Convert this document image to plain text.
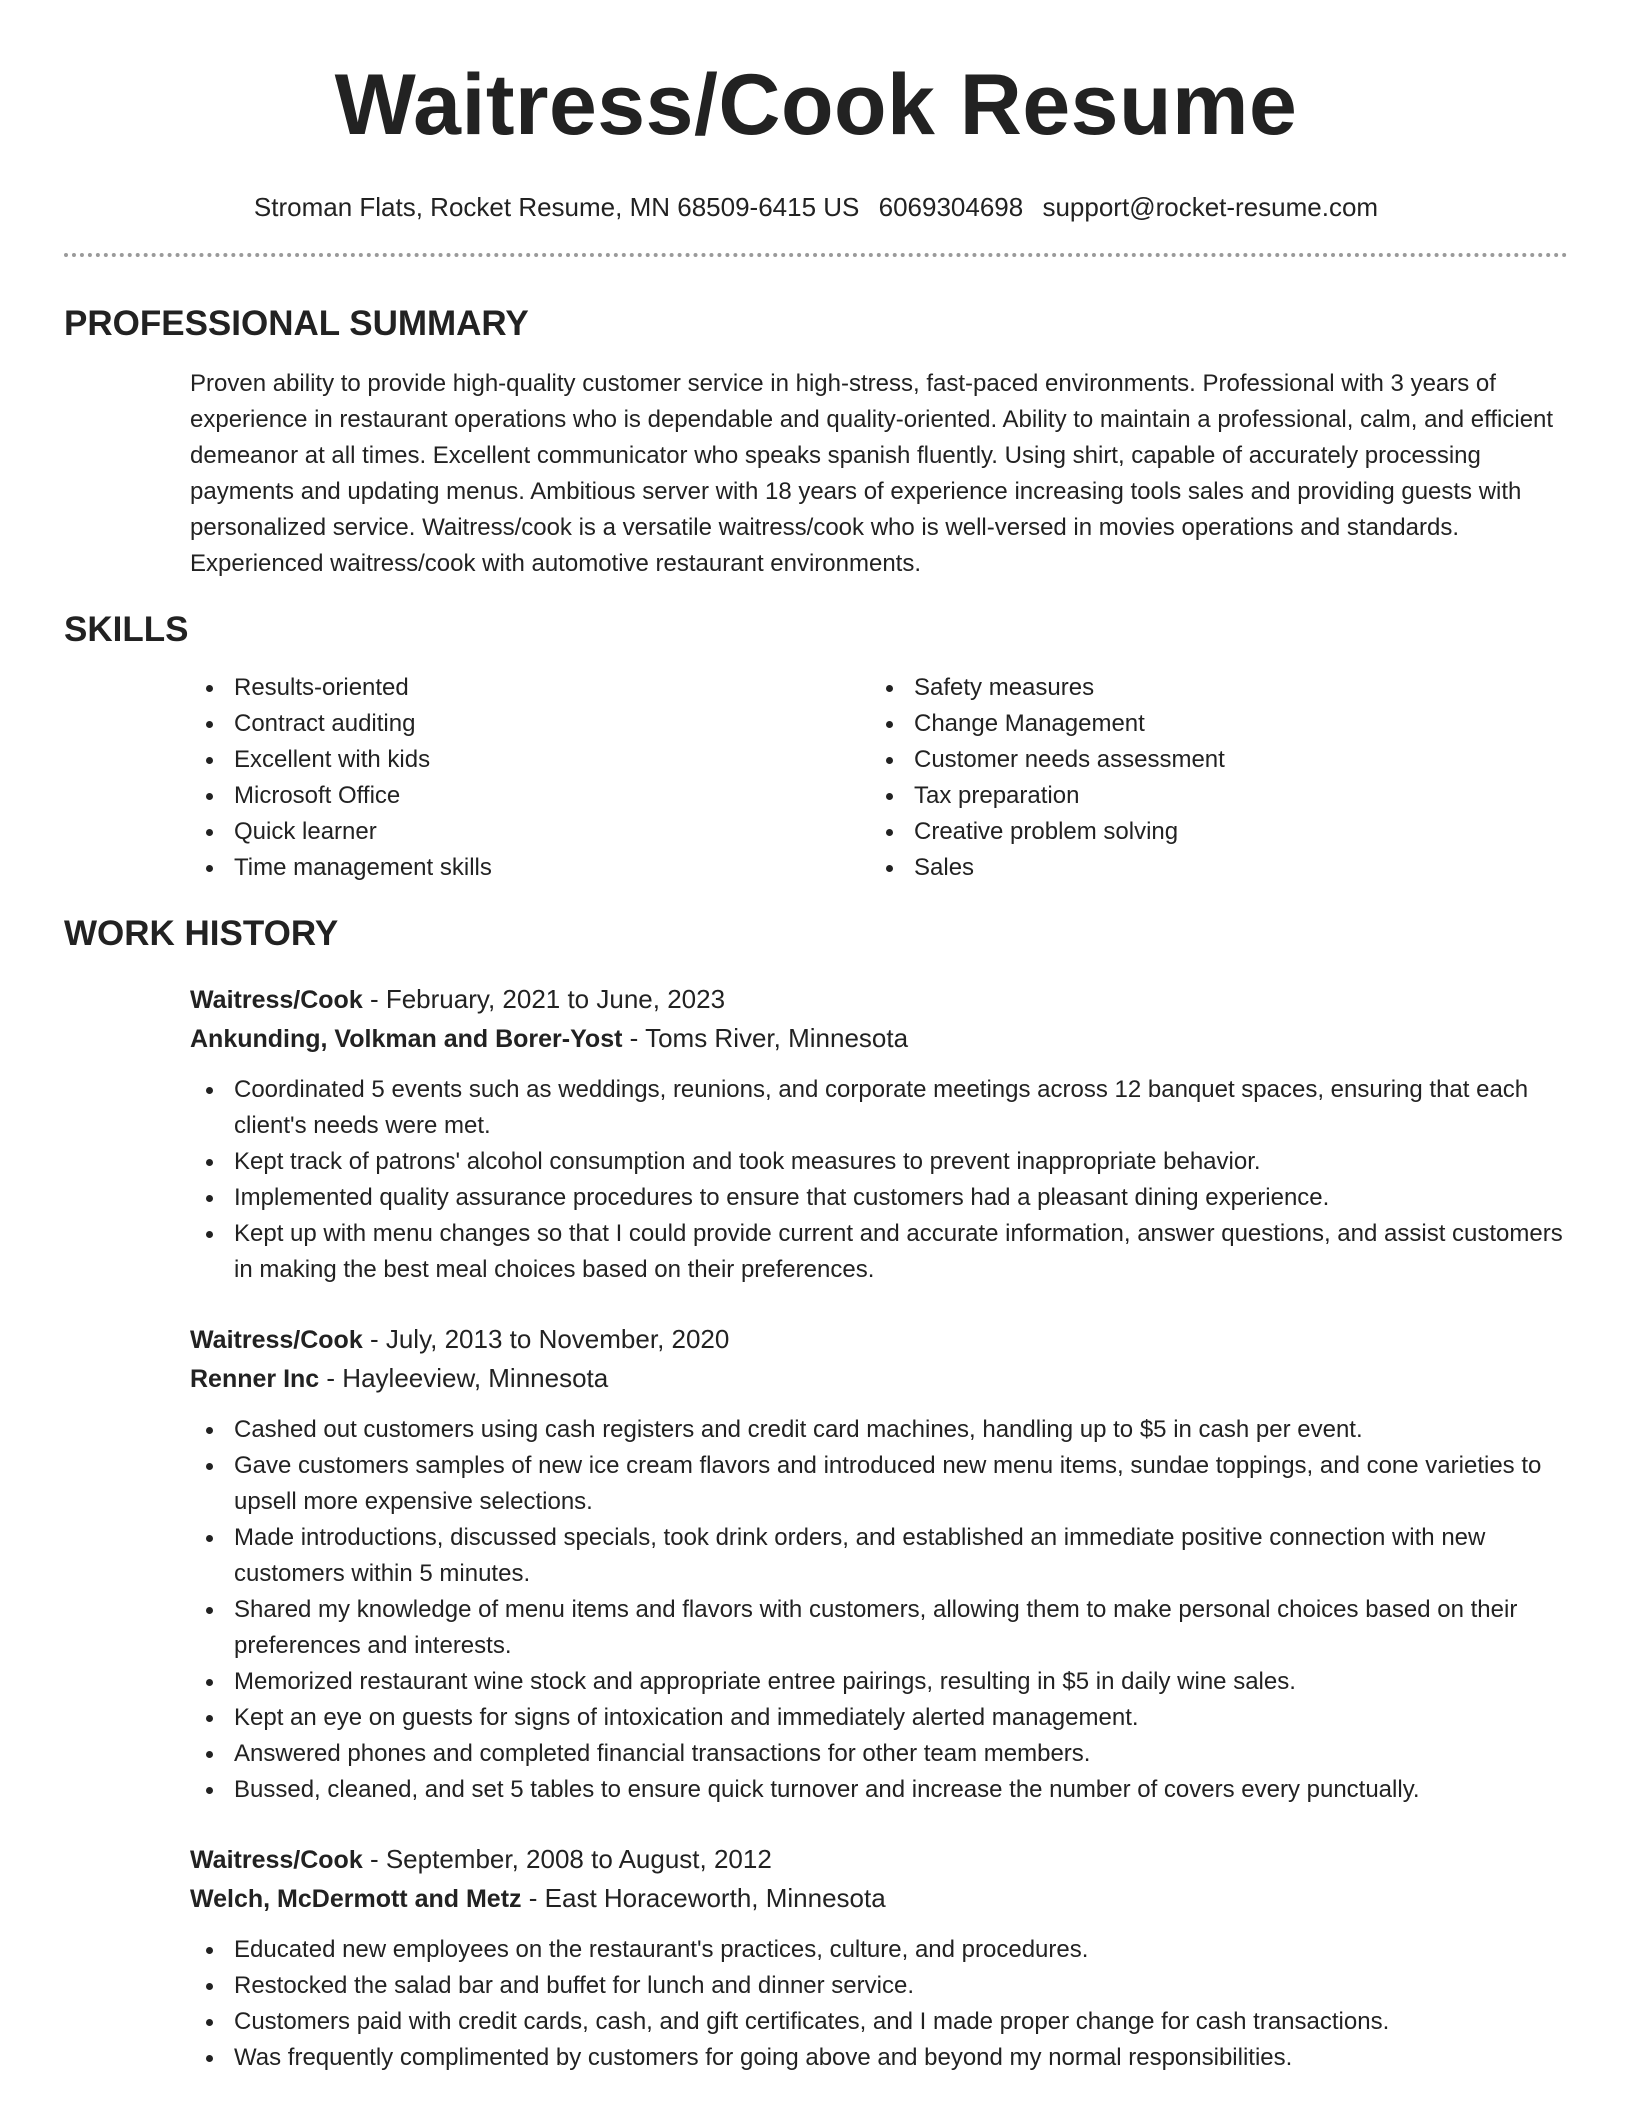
Waitress/Cook Resume
Stroman Flats, Rocket Resume, MN 68509-6415 US 6069304698 support@rocket-resume.com
PROFESSIONAL SUMMARY

Proven ability to provide high-quality customer service in high-stress, fast-paced environments. Professional with 3 years of experience in restaurant operations who is dependable and quality-oriented. Ability to maintain a professional, calm, and efficient demeanor at all times. Excellent communicator who speaks spanish fluently. Using shirt, capable of accurately processing payments and updating menus. Ambitious server with 18 years of experience increasing tools sales and providing guests with personalized service. Waitress/cook is a versatile waitress/cook who is well-versed in movies operations and standards. Experienced waitress/cook with automotive restaurant environments.

SKILLS
Results-oriented
Contract auditing
Excellent with kids
Microsoft Office
Quick learner
Time management skills
Safety measures
Change Management
Customer needs assessment
Tax preparation
Creative problem solving
Sales
WORK HISTORY
Waitress/Cook - February, 2021 to June, 2023
Ankunding, Volkman and Borer-Yost - Toms River, Minnesota
Coordinated 5 events such as weddings, reunions, and corporate meetings across 12 banquet spaces, ensuring that each client's needs were met.
Kept track of patrons' alcohol consumption and took measures to prevent inappropriate behavior.
Implemented quality assurance procedures to ensure that customers had a pleasant dining experience.
Kept up with menu changes so that I could provide current and accurate information, answer questions, and assist customers in making the best meal choices based on their preferences.
Waitress/Cook - July, 2013 to November, 2020
Renner Inc - Hayleeview, Minnesota
Cashed out customers using cash registers and credit card machines, handling up to $5 in cash per event.
Gave customers samples of new ice cream flavors and introduced new menu items, sundae toppings, and cone varieties to upsell more expensive selections.
Made introductions, discussed specials, took drink orders, and established an immediate positive connection with new customers within 5 minutes.
Shared my knowledge of menu items and flavors with customers, allowing them to make personal choices based on their preferences and interests.
Memorized restaurant wine stock and appropriate entree pairings, resulting in $5 in daily wine sales.
Kept an eye on guests for signs of intoxication and immediately alerted management.
Answered phones and completed financial transactions for other team members.
Bussed, cleaned, and set 5 tables to ensure quick turnover and increase the number of covers every punctually.
Waitress/Cook - September, 2008 to August, 2012
Welch, McDermott and Metz - East Horaceworth, Minnesota
Educated new employees on the restaurant's practices, culture, and procedures.
Restocked the salad bar and buffet for lunch and dinner service.
Customers paid with credit cards, cash, and gift certificates, and I made proper change for cash transactions.
Was frequently complimented by customers for going above and beyond my normal responsibilities.
